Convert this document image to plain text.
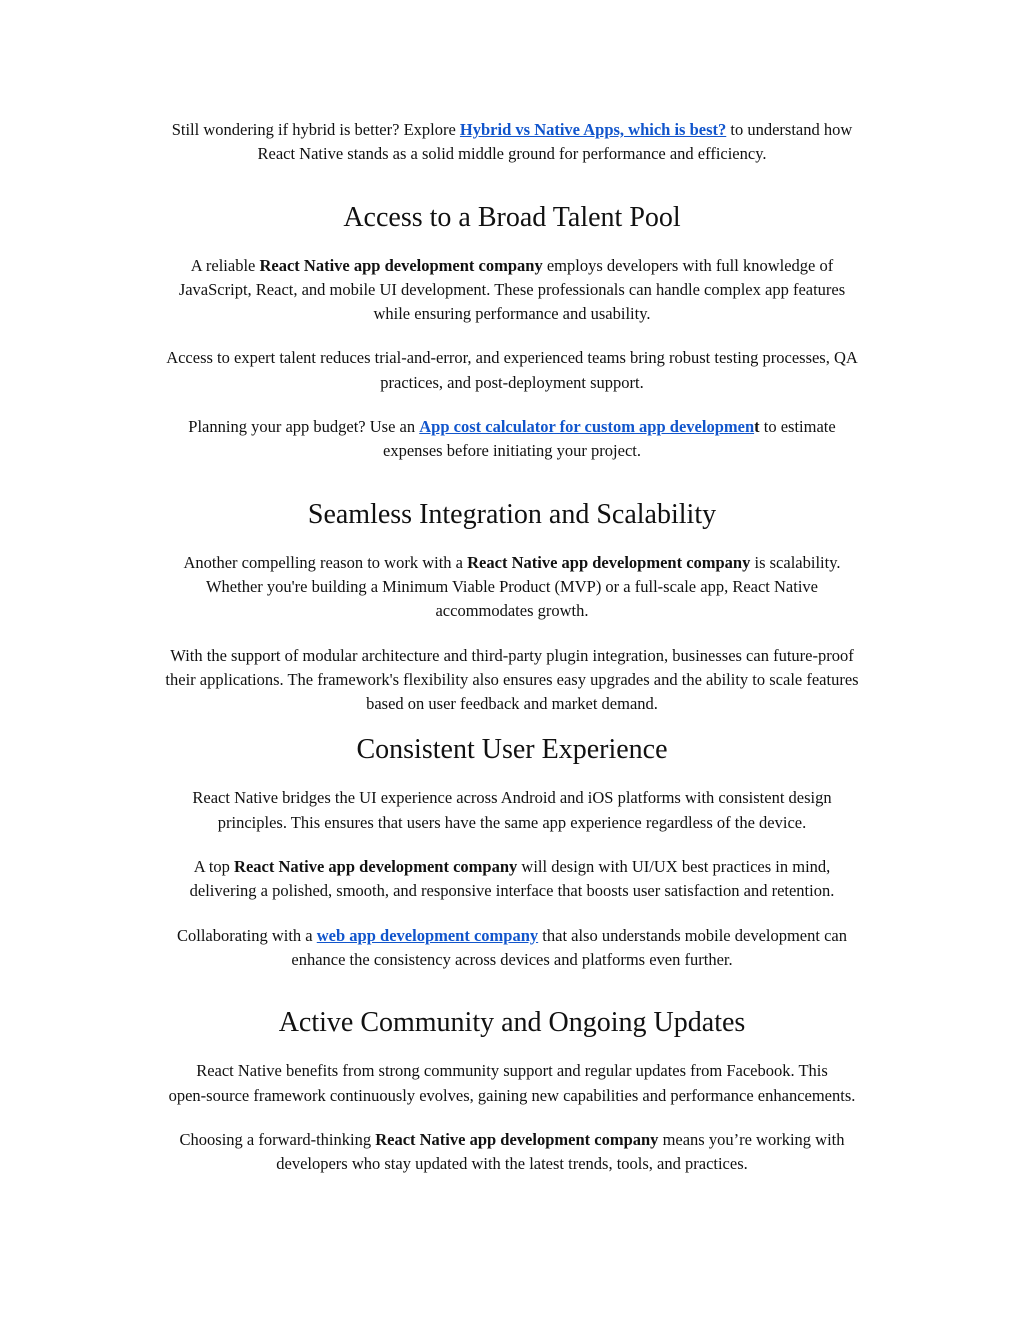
Still wondering if hybrid is better? Explore Hybrid vs Native Apps, which is best? to understand how
React Native stands as a solid middle ground for performance and efficiency.

Access to a Broad Talent Pool

A reliable React Native app development company employs developers with full knowledge of
JavaScript, React, and mobile UI development. These professionals can handle complex app features
while ensuring performance and usability.

Access to expert talent reduces trial-and-error, and experienced teams bring robust testing processes, QA
practices, and post-deployment support.

Planning your app budget? Use an App cost calculator for custom app development to estimate
expenses before initiating your project.

Seamless Integration and Scalability

Another compelling reason to work with a React Native app development company is scalability.
Whether you're building a Minimum Viable Product (MVP) or a full-scale app, React Native
accommodates growth.

With the support of modular architecture and third-party plugin integration, businesses can future-proof
their applications. The framework's flexibility also ensures easy upgrades and the ability to scale features
based on user feedback and market demand.

Consistent User Experience

React Native bridges the UI experience across Android and iOS platforms with consistent design
principles. This ensures that users have the same app experience regardless of the device.

A top React Native app development company will design with UI/UX best practices in mind,
delivering a polished, smooth, and responsive interface that boosts user satisfaction and retention.

Collaborating with a web app development company that also understands mobile development can
enhance the consistency across devices and platforms even further.

Active Community and Ongoing Updates

React Native benefits from strong community support and regular updates from Facebook. This
open-source framework continuously evolves, gaining new capabilities and performance enhancements.

Choosing a forward-thinking React Native app development company means you’re working with
developers who stay updated with the latest trends, tools, and practices.
